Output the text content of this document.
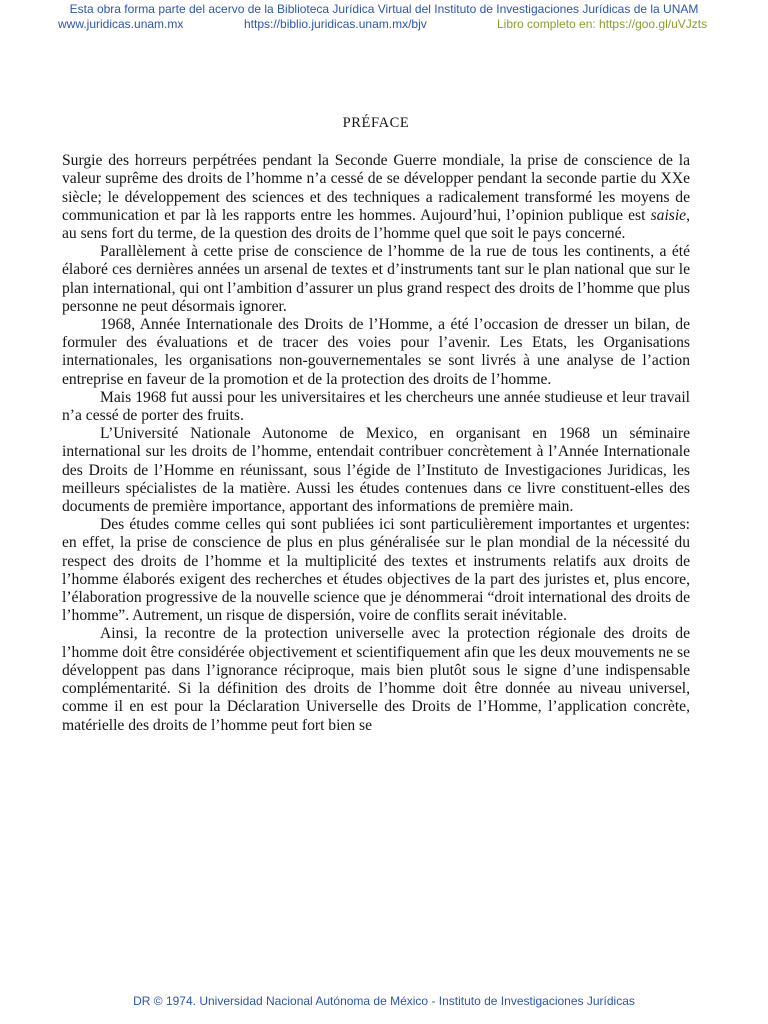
Esta obra forma parte del acervo de la Biblioteca Jurídica Virtual del Instituto de Investigaciones Jurídicas de la UNAM
www.juridicas.unam.mx	https://biblio.juridicas.unam.mx/bjv	Libro completo en: https://goo.gl/uVJzts
PRÉFACE

Surgie des horreurs perpétrées pendant la Seconde Guerre mondiale, la prise de conscience de la valeur suprême des droits de l’homme n’a cessé de se développer pendant la seconde partie du XXe siècle; le développement des sciences et des techniques a radicalement transformé les moyens de communication et par là les rapports entre les hommes. Aujourd’hui, l’opinion publique est saisie, au sens fort du terme, de la question des droits de l’homme quel que soit le pays concerné.

Parallèlement à cette prise de conscience de l’homme de la rue de tous les continents, a été élaboré ces dernières années un arsenal de textes et d’instruments tant sur le plan national que sur le plan international, qui ont l’ambition d’assurer un plus grand respect des droits de l’homme que plus personne ne peut désormais ignorer.

1968, Année Internationale des Droits de l’Homme, a été l’occasion de dresser un bilan, de formuler des évaluations et de tracer des voies pour l’avenir. Les Etats, les Organisations internationales, les organisations non-gouvernementales se sont livrés à une analyse de l’action entreprise en faveur de la promotion et de la protection des droits de l’homme.

Mais 1968 fut aussi pour les universitaires et les chercheurs une année studieuse et leur travail n’a cessé de porter des fruits.

L’Université Nationale Autonome de Mexico, en organisant en 1968 un séminaire international sur les droits de l’homme, entendait contribuer concrètement à l’Année Internationale des Droits de l’Homme en réunissant, sous l’égide de l’Instituto de Investigaciones Juridicas, les meilleurs spécialistes de la matière. Aussi les études contenues dans ce livre constituent-elles des documents de première importance, apportant des informations de première main.

Des études comme celles qui sont publiées ici sont particulièrement importantes et urgentes: en effet, la prise de conscience de plus en plus généralisée sur le plan mondial de la nécessité du respect des droits de l’homme et la multiplicité des textes et instruments relatifs aux droits de l’homme élaborés exigent des recherches et études objectives de la part des juristes et, plus encore, l’élaboration progressive de la nouvelle science que je dénommerai “droit international des droits de l’homme”. Autrement, un risque de dispersión, voire de conflits serait inévitable.

Ainsi, la recontre de la protection universelle avec la protection régionale des droits de l’homme doit être considérée objectivement et scientifiquement afin que les deux mouvements ne se développent pas dans l’ignorance réciproque, mais bien plutôt sous le signe d’une indispensable complémentarité. Si la définition des droits de l’homme doit être donnée au niveau universel, comme il en est pour la Déclaration Universelle des Droits de l’Homme, l’application concrète, matérielle des droits de l’homme peut fort bien se

DR © 1974. Universidad Nacional Autónoma de México - Instituto de Investigaciones Jurídicas
